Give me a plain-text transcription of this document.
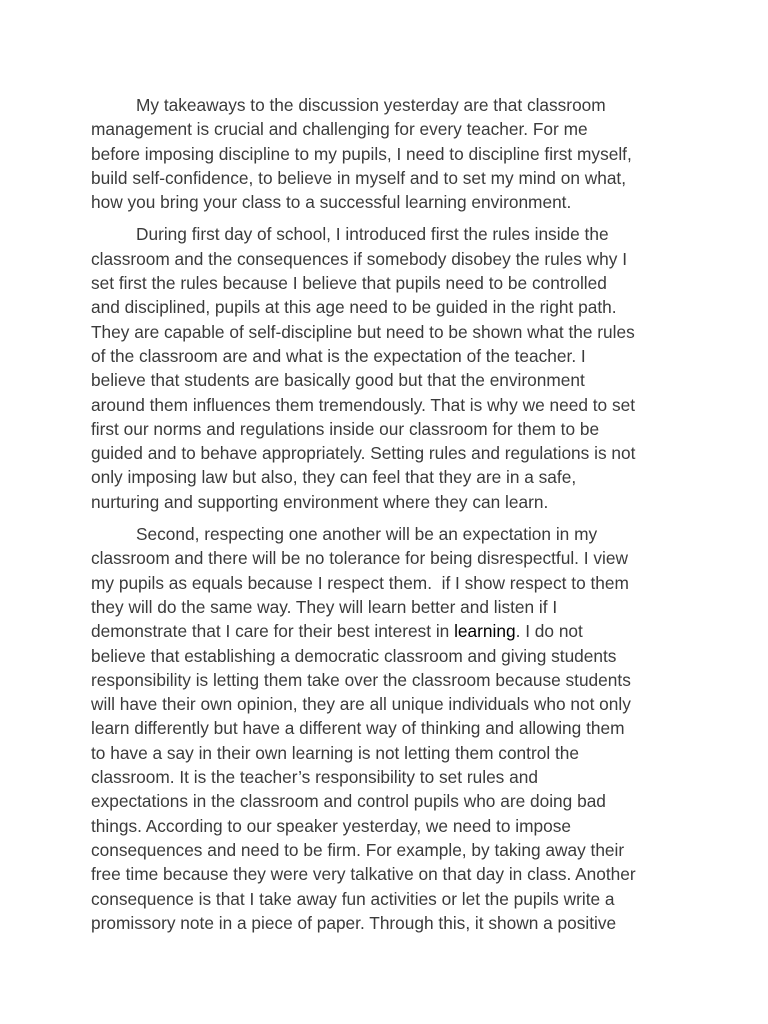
My takeaways to the discussion yesterday are that classroom
management is crucial and challenging for every teacher. For me
before imposing discipline to my pupils, I need to discipline first myself,
build self-confidence, to believe in myself and to set my mind on what,
how you bring your class to a successful learning environment.

During first day of school, I introduced first the rules inside the
classroom and the consequences if somebody disobey the rules why I
set first the rules because I believe that pupils need to be controlled
and disciplined, pupils at this age need to be guided in the right path.
They are capable of self-discipline but need to be shown what the rules
of the classroom are and what is the expectation of the teacher. I
believe that students are basically good but that the environment
around them influences them tremendously. That is why we need to set
first our norms and regulations inside our classroom for them to be
guided and to behave appropriately. Setting rules and regulations is not
only imposing law but also, they can feel that they are in a safe,
nurturing and supporting environment where they can learn.

Second, respecting one another will be an expectation in my
classroom and there will be no tolerance for being disrespectful. I view
my pupils as equals because I respect them.  if I show respect to them
they will do the same way. They will learn better and listen if I
demonstrate that I care for their best interest in learning. I do not
believe that establishing a democratic classroom and giving students
responsibility is letting them take over the classroom because students
will have their own opinion, they are all unique individuals who not only
learn differently but have a different way of thinking and allowing them
to have a say in their own learning is not letting them control the
classroom. It is the teacher’s responsibility to set rules and
expectations in the classroom and control pupils who are doing bad
things. According to our speaker yesterday, we need to impose
consequences and need to be firm. For example, by taking away their
free time because they were very talkative on that day in class. Another
consequence is that I take away fun activities or let the pupils write a
promissory note in a piece of paper. Through this, it shown a positive
